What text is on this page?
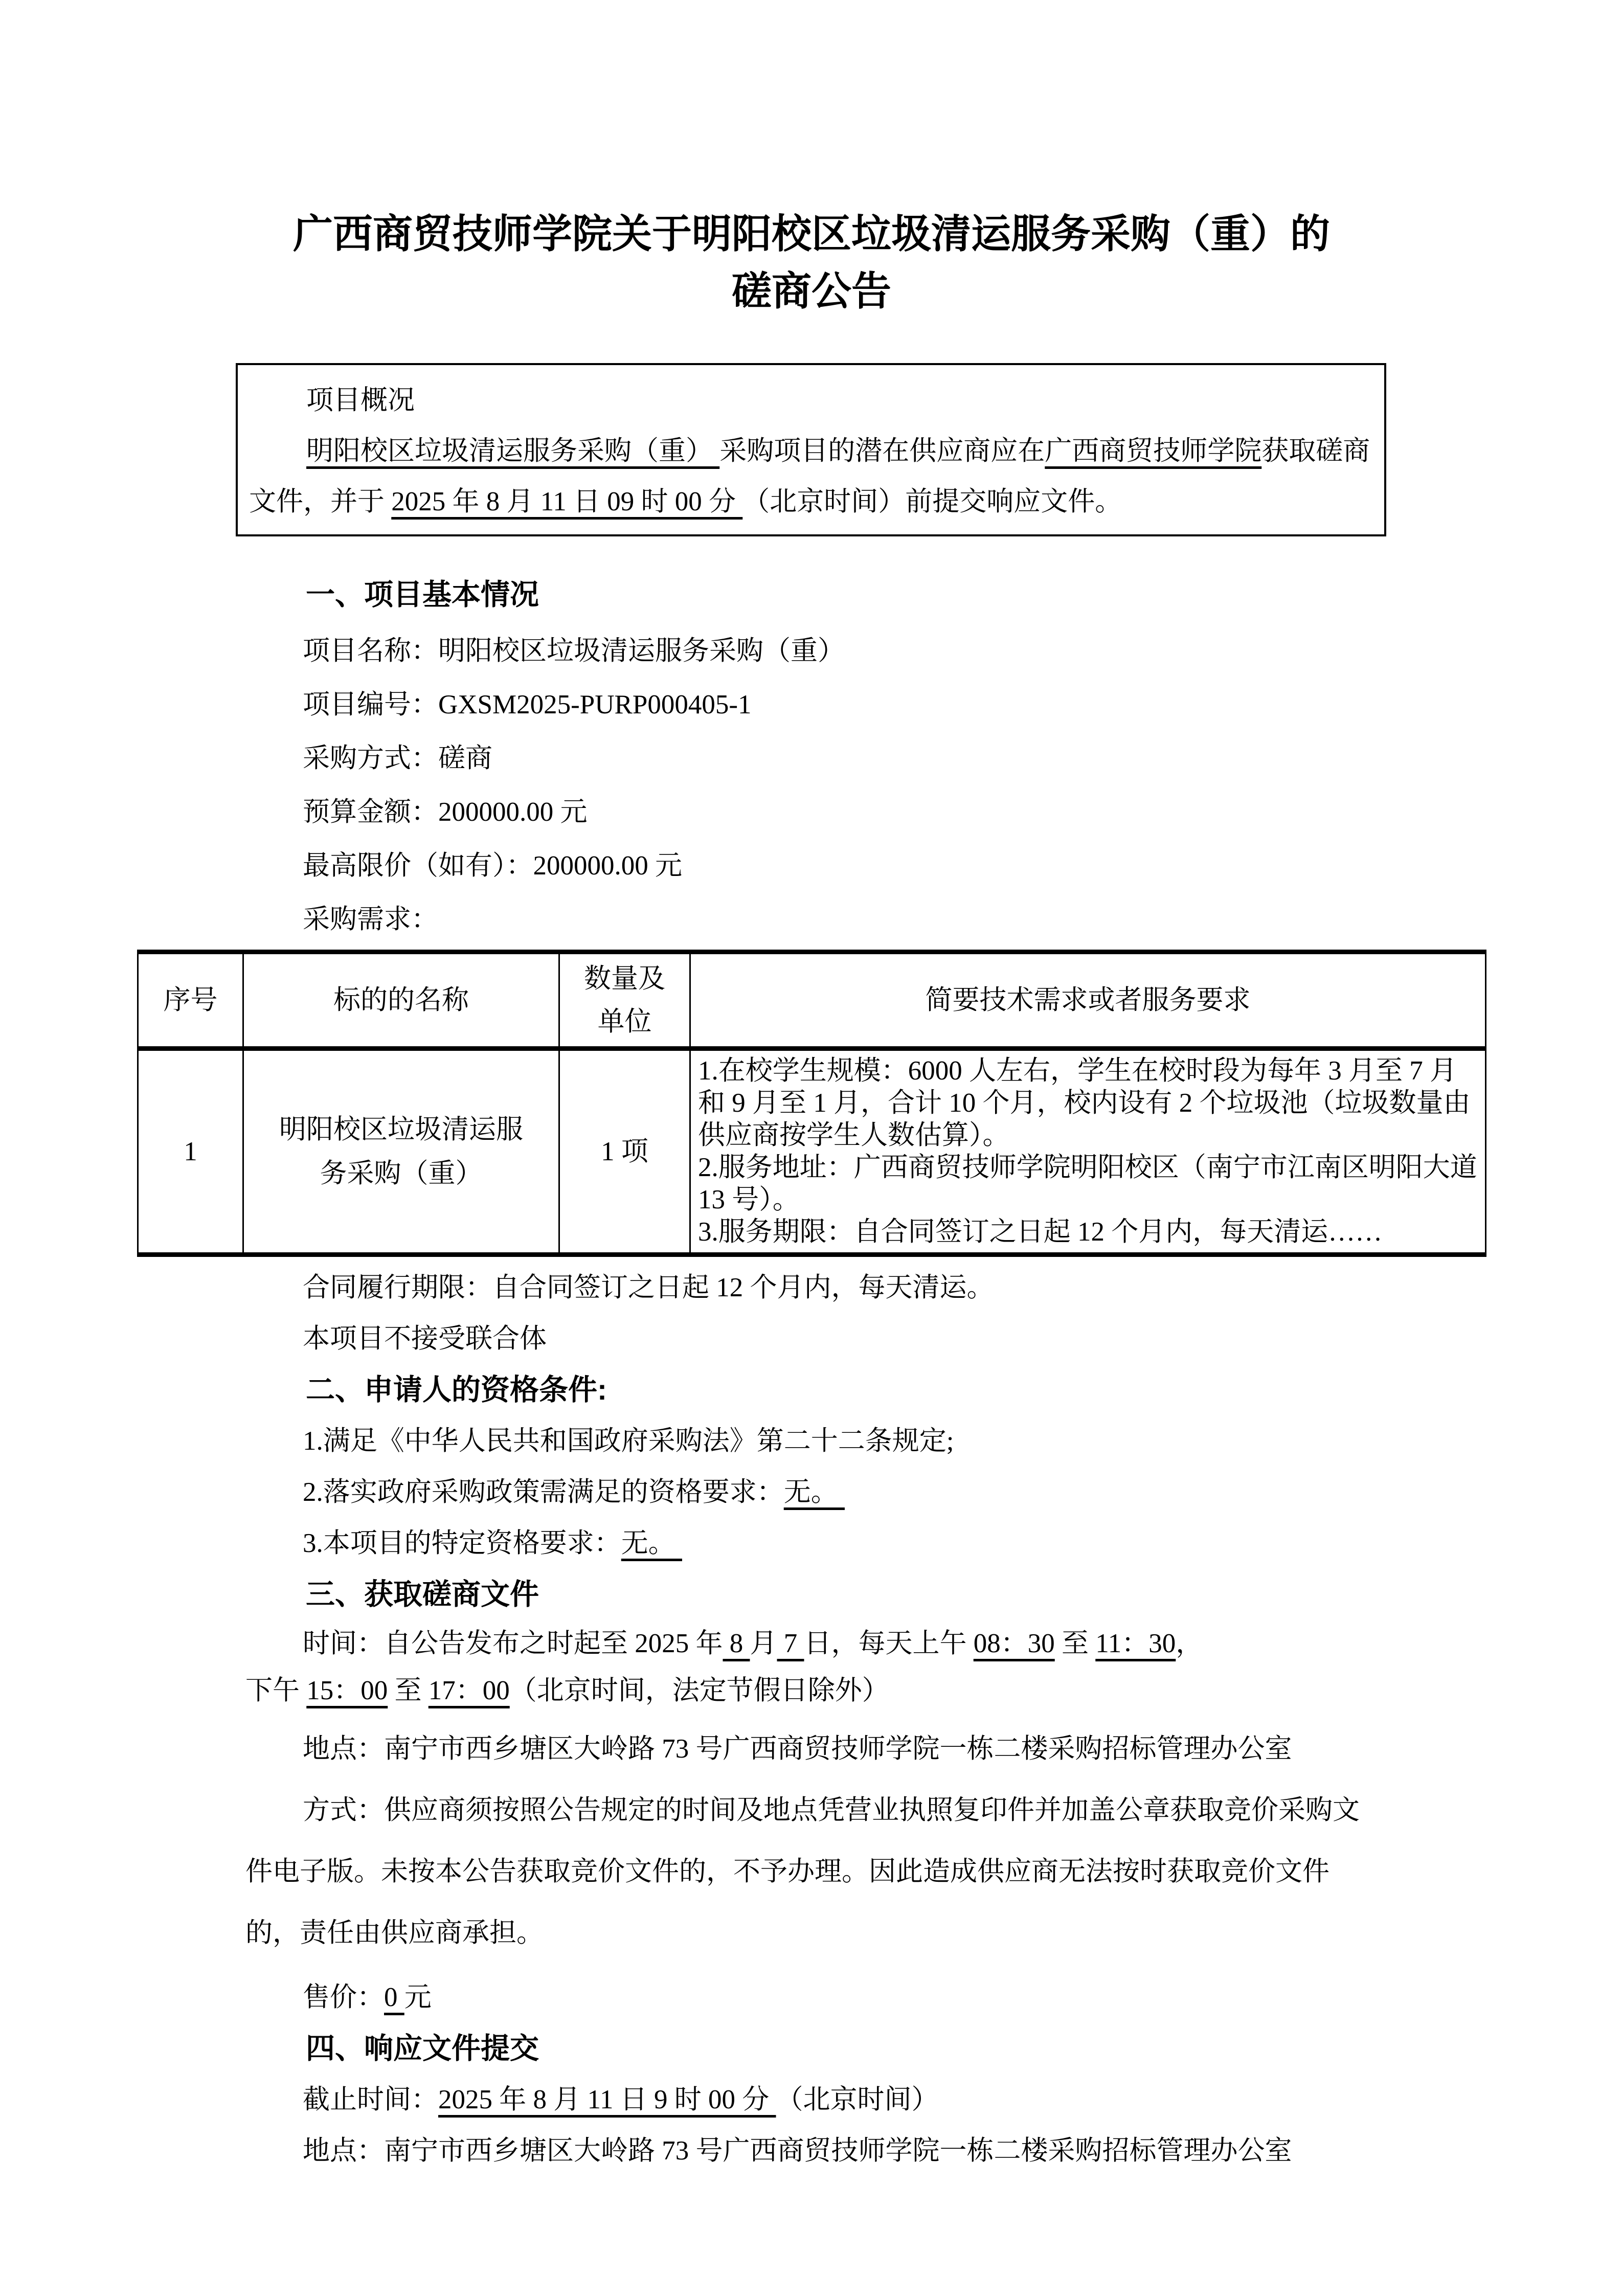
广西商贸技师学院关于明阳校区垃圾清运服务采购（重）的
磋商公告
项目概况
明阳校区垃圾清运服务采购（重） 采购项目的潜在供应商应在广西商贸技师学院获取磋商文件，并于 2025 年 8 月 11 日 09 时 00 分 （北京时间）前提交响应文件。
一、项目基本情况
项目名称：明阳校区垃圾清运服务采购（重）
项目编号：GXSM2025-PURP000405-1
采购方式：磋商
预算金额：200000.00 元
最高限价（如有）：200000.00 元
采购需求：
序号	标的的名称	数量及单位	简要技术需求或者服务要求
1	明阳校区垃圾清运服务采购（重）	1 项	1.在校学生规模：6000 人左右，学生在校时段为每年 3 月至 7 月和 9 月至 1 月，合计 10 个月，校内设有 2 个垃圾池（垃圾数量由供应商按学生人数估算）。
2.服务地址：广西商贸技师学院明阳校区（南宁市江南区明阳大道 13 号）。
3.服务期限：自合同签订之日起 12 个月内，每天清运……
合同履行期限：自合同签订之日起 12 个月内，每天清运。
本项目不接受联合体
二、申请人的资格条件:
1.满足《中华人民共和国政府采购法》第二十二条规定;
2.落实政府采购政策需满足的资格要求：无。
3.本项目的特定资格要求：无。
三、获取磋商文件
时间：自公告发布之时起至 2025 年 8 月 7 日，每天上午 08：30 至 11：30，
下午 15：00 至 17：00（北京时间，法定节假日除外）
地点：南宁市西乡塘区大岭路 73 号广西商贸技师学院一栋二楼采购招标管理办公室
方式：供应商须按照公告规定的时间及地点凭营业执照复印件并加盖公章获取竞价采购文件电子版。未按本公告获取竞价文件的，不予办理。因此造成供应商无法按时获取竞价文件的，责任由供应商承担。
售价：0 元
四、响应文件提交
截止时间：2025 年 8 月 11 日 9 时 00 分 （北京时间）
地点：南宁市西乡塘区大岭路 73 号广西商贸技师学院一栋二楼采购招标管理办公室
